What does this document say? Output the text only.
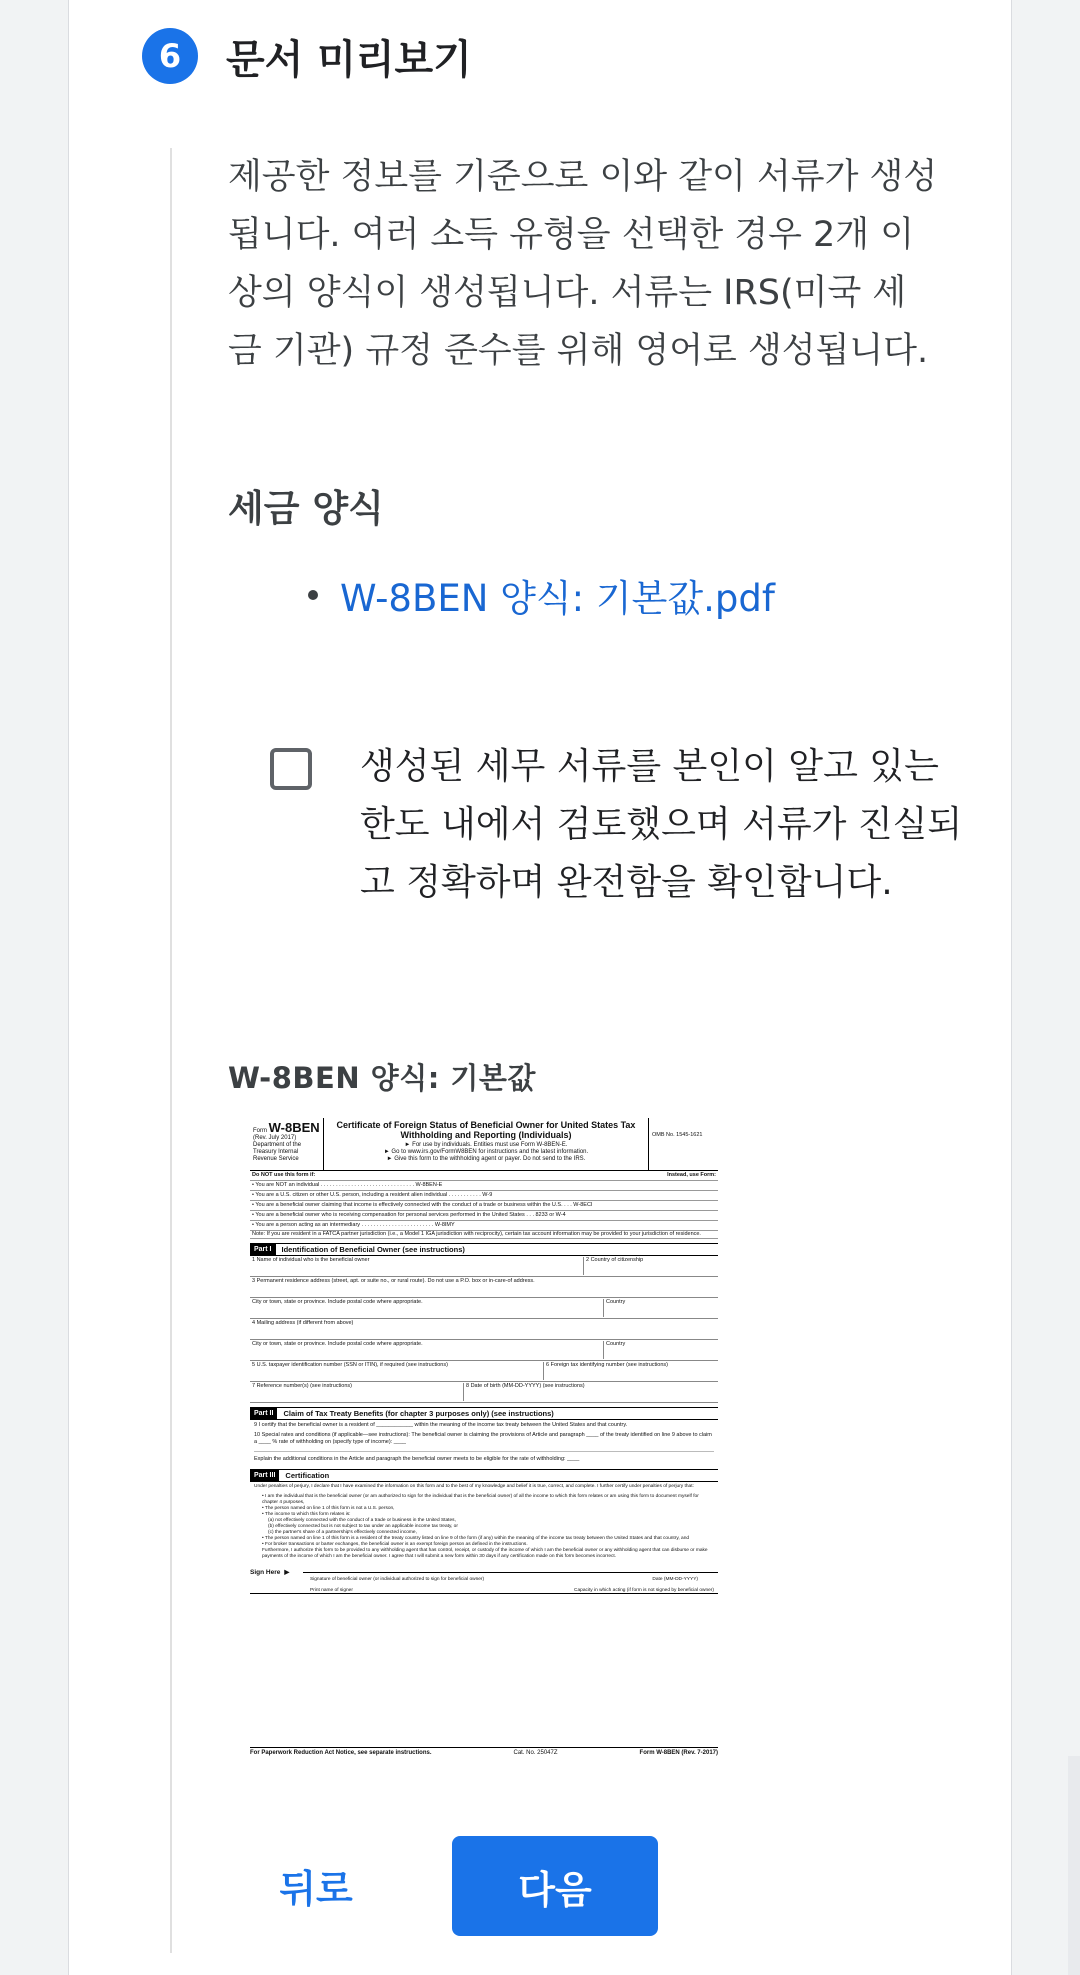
6	문서 미리보기

제공한 정보를 기준으로 이와 같이 서류가 생성됩니다. 여러 소득 유형을 선택한 경우 2개 이상의 양식이 생성됩니다. 서류는 IRS(미국 세금 기관) 규정 준수를 위해 영어로 생성됩니다.

세금 양식
W-8BEN 양식: 기본값.pdf
생성된 세무 서류를 본인이 알고 있는 한도 내에서 검토했으며 서류가 진실되고 정확하며 완전함을 확인합니다.
W-8BEN 양식: 기본값
Form W-8BEN
(Rev. July 2017)
Department of the Treasury Internal Revenue Service
Certificate of Foreign Status of Beneficial Owner for United States Tax Withholding and Reporting (Individuals)
► For use by individuals. Entities must use Form W-8BEN-E.
► Go to www.irs.gov/FormW8BEN for instructions and the latest information.
► Give this form to the withholding agent or payer. Do not send to the IRS.
OMB No. 1545-1621
Do NOT use this form if:	Instead, use Form:
• You are NOT an individual . . . . . . . . . . . . . . . . . . . . . . . . . . . . . . . W-8BEN-E
• You are a U.S. citizen or other U.S. person, including a resident alien individual . . . . . . . . . . . W-9
• You are a beneficial owner claiming that income is effectively connected with the conduct of a trade or business within the U.S. . . . W-8ECI
• You are a beneficial owner who is receiving compensation for personal services performed in the United States . . . 8233 or W-4
• You are a person acting as an intermediary . . . . . . . . . . . . . . . . . . . . . . . . W-8IMY
Note: If you are resident in a FATCA partner jurisdiction (i.e., a Model 1 IGA jurisdiction with reciprocity), certain tax account information may be provided to your jurisdiction of residence.
Part I	Identification of Beneficial Owner (see instructions)
1 Name of individual who is the beneficial owner	2 Country of citizenship
3 Permanent residence address (street, apt. or suite no., or rural route). Do not use a P.O. box or in-care-of address.
City or town, state or province. Include postal code where appropriate.	Country
4 Mailing address (if different from above)
City or town, state or province. Include postal code where appropriate.	Country
5 U.S. taxpayer identification number (SSN or ITIN), if required (see instructions)	6 Foreign tax identifying number (see instructions)
7 Reference number(s) (see instructions)	8 Date of birth (MM-DD-YYYY) (see instructions)
Part II	Claim of Tax Treaty Benefits (for chapter 3 purposes only) (see instructions)
9 I certify that the beneficial owner is a resident of ____________ within the meaning of the income tax treaty between the United States and that country.
10 Special rates and conditions (if applicable—see instructions): The beneficial owner is claiming the provisions of Article and paragraph ____ of the treaty identified on line 9 above to claim a ____ % rate of withholding on (specify type of income): ____
Explain the additional conditions in the Article and paragraph the beneficial owner meets to be eligible for the rate of withholding: ____
Part III	Certification
Under penalties of perjury, I declare that I have examined the information on this form and to the best of my knowledge and belief it is true, correct, and complete. I further certify under penalties of perjury that:
• I am the individual that is the beneficial owner (or am authorized to sign for the individual that is the beneficial owner) of all the income to which this form relates or am using this form to document myself for chapter 4 purposes,
• The person named on line 1 of this form is not a U.S. person,
• The income to which this form relates is:
(a) not effectively connected with the conduct of a trade or business in the United States,
(b) effectively connected but is not subject to tax under an applicable income tax treaty, or
(c) the partner's share of a partnership's effectively connected income,
• The person named on line 1 of this form is a resident of the treaty country listed on line 9 of the form (if any) within the meaning of the income tax treaty between the United States and that country, and
• For broker transactions or barter exchanges, the beneficial owner is an exempt foreign person as defined in the instructions.
Furthermore, I authorize this form to be provided to any withholding agent that has control, receipt, or custody of the income of which I am the beneficial owner or any withholding agent that can disburse or make payments of the income of which I am the beneficial owner. I agree that I will submit a new form within 30 days if any certification made on this form becomes incorrect.
Sign Here ▶
Signature of beneficial owner (or individual authorized to sign for beneficial owner)	Date (MM-DD-YYYY)
Print name of signer	Capacity in which acting (if form is not signed by beneficial owner)
For Paperwork Reduction Act Notice, see separate instructions.	Cat. No. 25047Z	Form W-8BEN (Rev. 7-2017)
뒤로	다음
